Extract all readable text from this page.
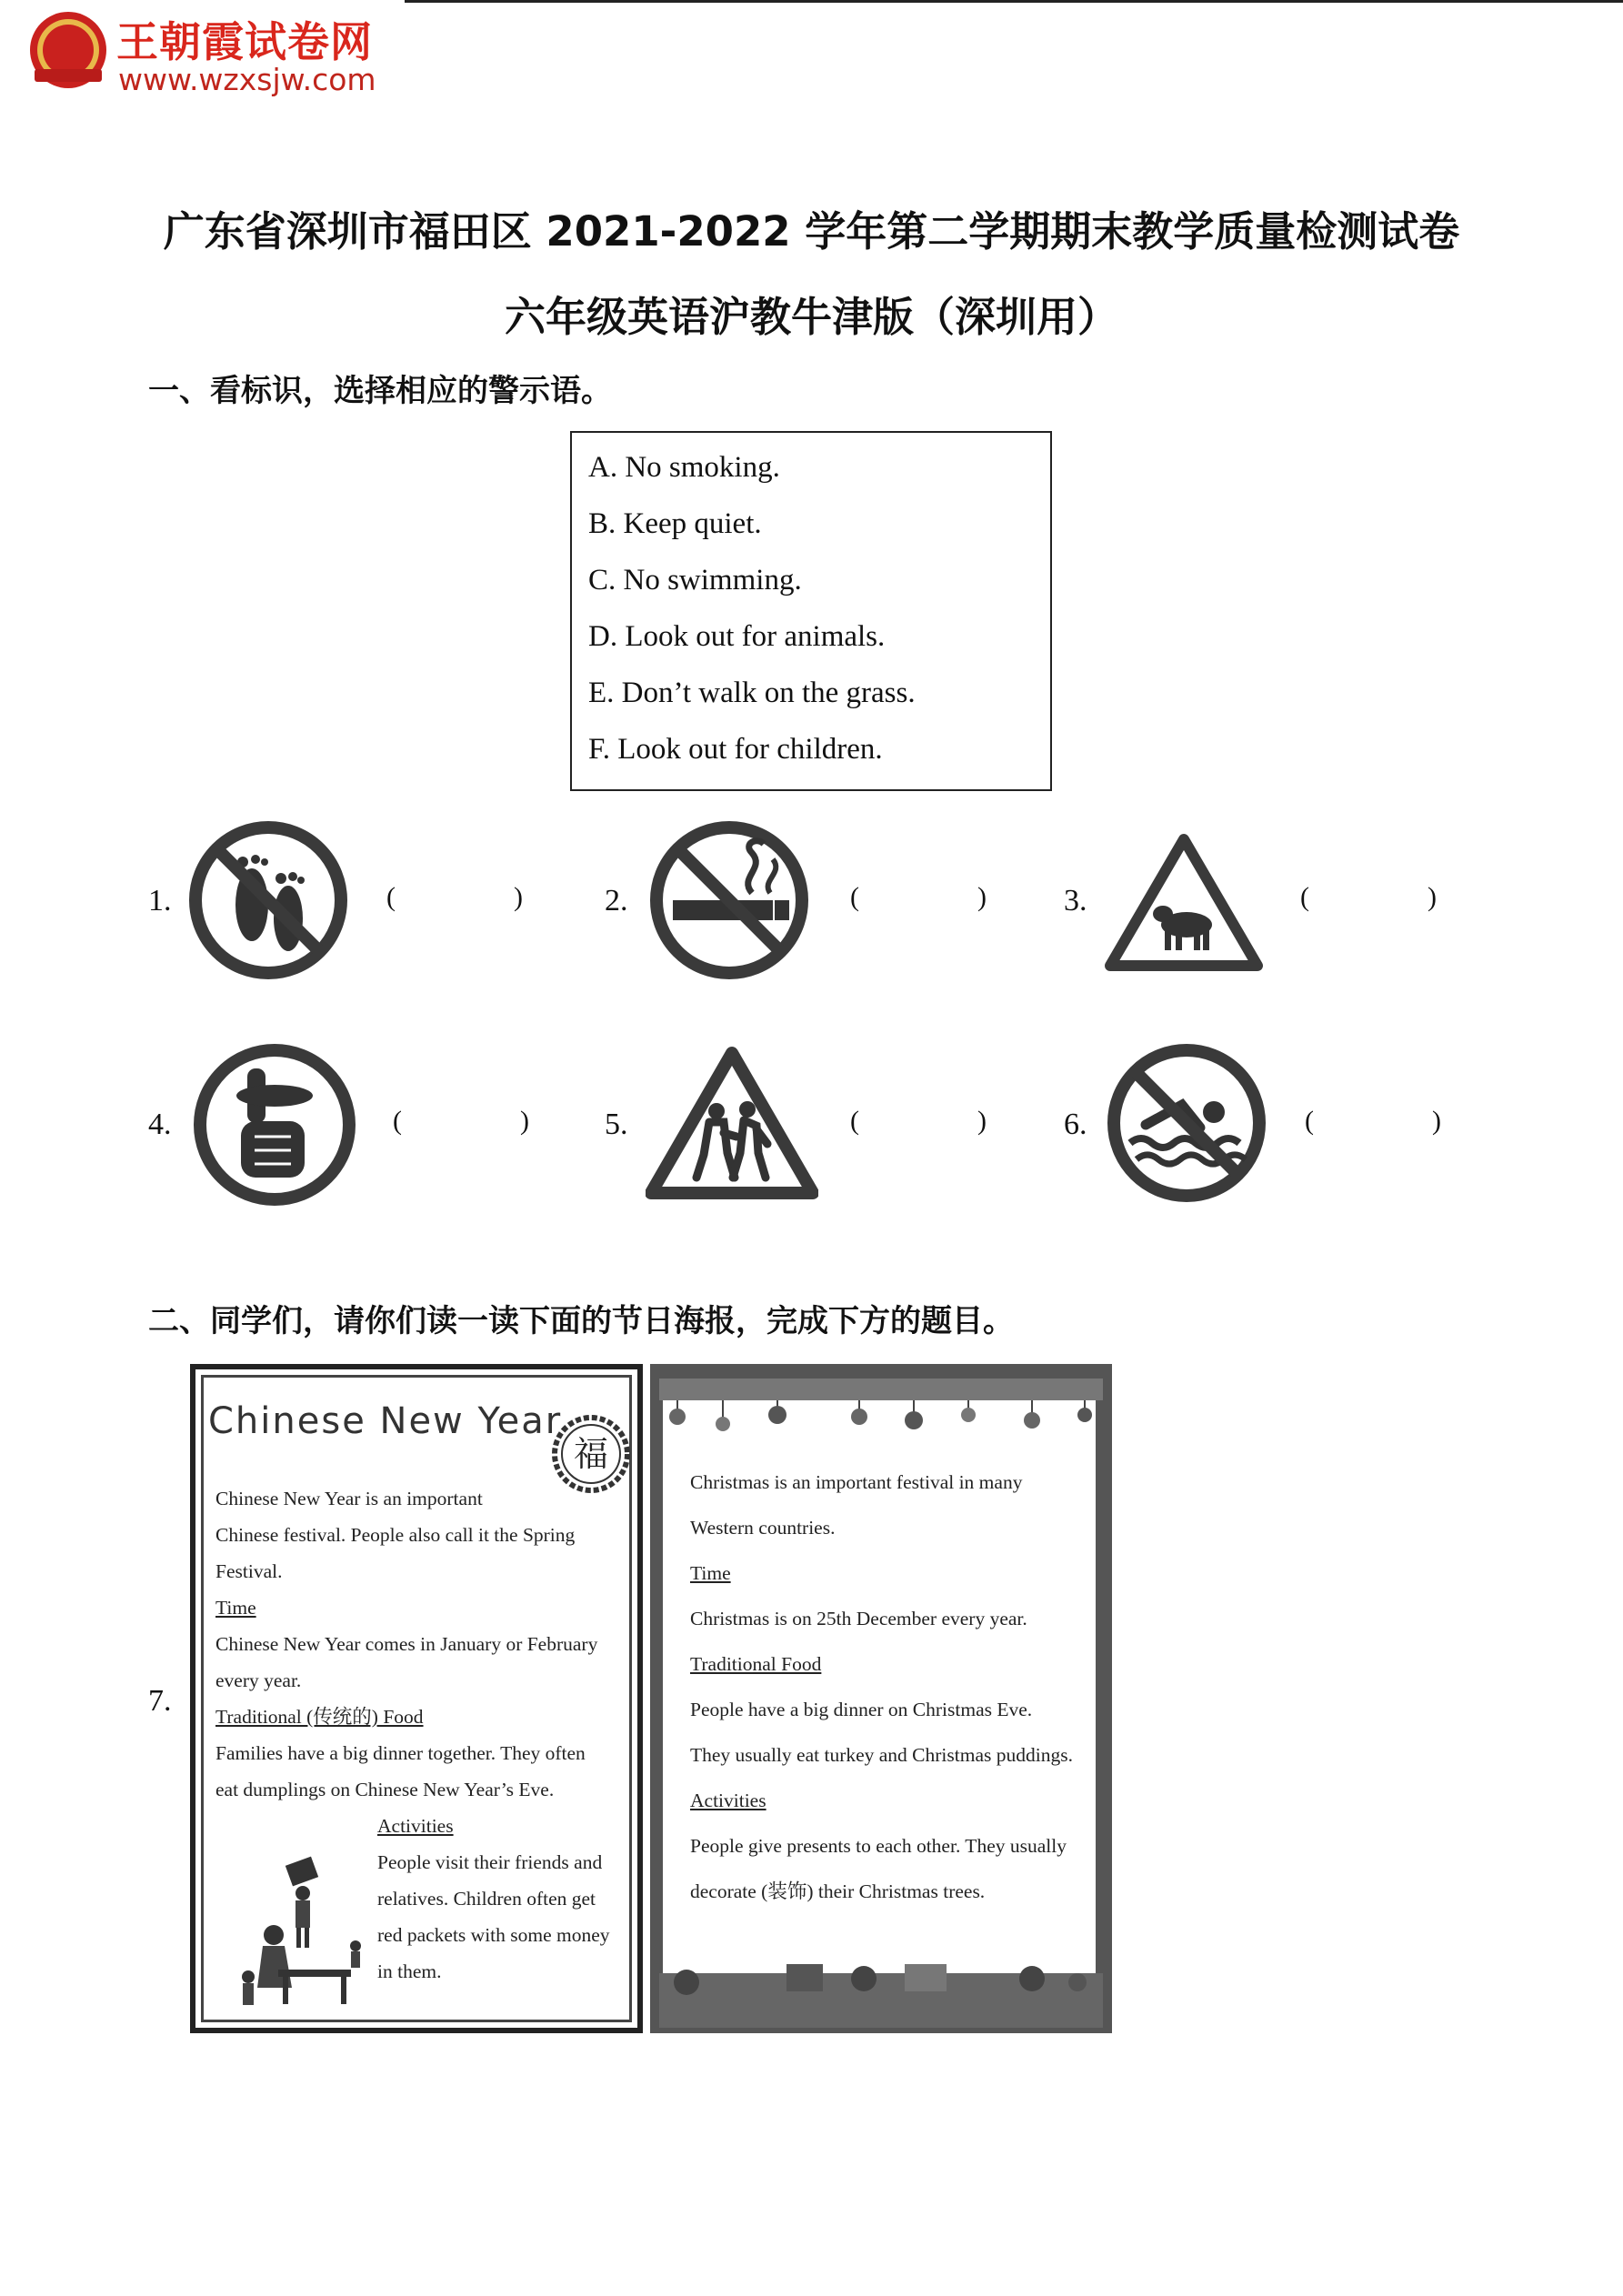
王朝霞试卷网
www.wzxsjw.com
广东省深圳市福田区 2021-2022 学年第二学期期末教学质量检测试卷
六年级英语沪教牛津版（深圳用）
一、看标识，选择相应的警示语。
A. No smoking.
B. Keep quiet.
C. No swimming.
D. Look out for animals.
E. Don’t walk on the grass.
F. Look out for children.
1.	(	)	2.	(	)	3.	(	)
4.	(	) 5.	(	)	6.	(	)
二、同学们，请你们读一读下面的节日海报，完成下方的题目。
7.
Chinese New Year
福
Chinese New Year is an important
Chinese festival. People also call it the Spring
Festival.
Time
Chinese New Year comes in January or February
every year.
Traditional (传统的) Food
Families have a big dinner together. They often
eat dumplings on Chinese New Year’s Eve.
Activities
People visit their friends and
relatives. Children often get
red packets with some money
in them.
Christmas is an important festival in many
Western countries.
Time
Christmas is on 25th December every year.
Traditional Food
People have a big dinner on Christmas Eve.
They usually eat turkey and Christmas puddings.
Activities
People give presents to each other. They usually
decorate (装饰) their Christmas trees.
